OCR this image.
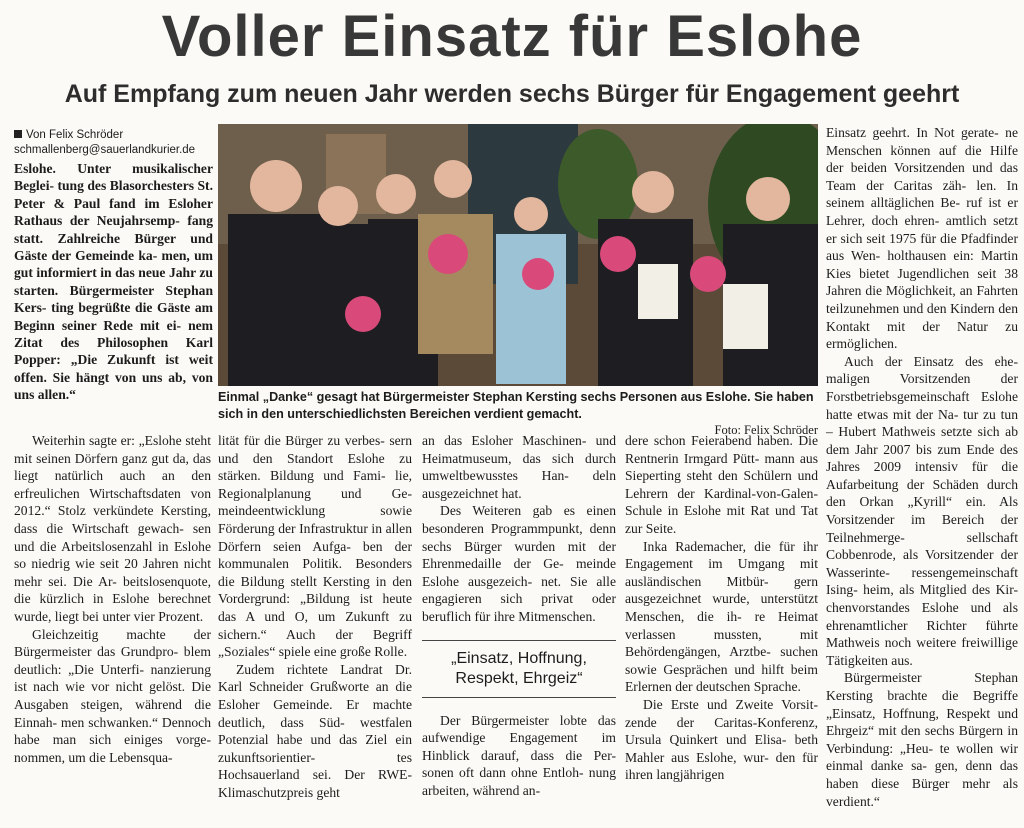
Voller Einsatz für Eslohe
Auf Empfang zum neuen Jahr werden sechs Bürger für Engagement geehrt
Von Felix Schröder
schmallenberg@sauerlandkurier.de

Eslohe. Unter musikalischer Beglei- tung des Blasorchesters St. Peter & Paul fand im Esloher Rathaus der Neujahrsemp- fang statt. Zahlreiche Bürger und Gäste der Gemeinde ka- men, um gut informiert in das neue Jahr zu starten. Bürgermeister Stephan Kers- ting begrüßte die Gäste am Beginn seiner Rede mit ei- nem Zitat des Philosophen Karl Popper: „Die Zukunft ist weit offen. Sie hängt von uns ab, von uns allen.“	Einmal „Danke“ gesagt hat Bürgermeister Stephan Kersting sechs Personen aus Eslohe. Sie haben sich in den unterschiedlichsten Bereichen verdient gemacht.
Foto: Felix Schröder

Weiterhin sagte er: „Eslohe steht mit seinen Dörfern ganz gut da, das liegt natürlich auch an den erfreulichen Wirtschaftsdaten von 2012.“ Stolz verkündete Kersting, dass die Wirtschaft gewach- sen und die Arbeitslosenzahl in Eslohe so niedrig wie seit 20 Jahren nicht mehr sei. Die Ar- beitslosenquote, die kürzlich in Eslohe berechnet wurde, liegt bei unter vier Prozent.

Gleichzeitig machte der Bürgermeister das Grundpro- blem deutlich: „Die Unterfi- nanzierung ist nach wie vor nicht gelöst. Die Ausgaben steigen, während die Einnah- men schwanken.“ Dennoch habe man sich einiges vorge- nommen, um die Lebensqua-

lität für die Bürger zu verbes- sern und den Standort Eslohe zu stärken. Bildung und Fami- lie, Regionalplanung und Ge- meindeentwicklung sowie Förderung der Infrastruktur in allen Dörfern seien Aufga- ben der kommunalen Politik. Besonders die Bildung stellt Kersting in den Vordergrund: „Bildung ist heute das A und O, um Zukunft zu sichern.“ Auch der Begriff „Soziales“ spiele eine große Rolle.

Zudem richtete Landrat Dr. Karl Schneider Grußworte an die Esloher Gemeinde. Er machte deutlich, dass Süd- westfalen Potenzial habe und das Ziel ein zukunftsorientier- tes Hochsauerland sei. Der RWE-Klimaschutzpreis geht

an das Esloher Maschinen- und Heimatmuseum, das sich durch umweltbewusstes Han- deln ausgezeichnet hat.

Des Weiteren gab es einen besonderen Programmpunkt, denn sechs Bürger wurden mit der Ehrenmedaille der Ge- meinde Eslohe ausgezeich- net. Sie alle engagieren sich privat oder beruflich für ihre Mitmenschen.

„Einsatz, Hoffnung, Respekt, Ehrgeiz“

Der Bürgermeister lobte das aufwendige Engagement im Hinblick darauf, dass die Per- sonen oft dann ohne Entloh- nung arbeiten, während an-

dere schon Feierabend haben. Die Rentnerin Irmgard Pütt- mann aus Sieperting steht den Schülern und Lehrern der Kardinal-von-Galen-Schule in Eslohe mit Rat und Tat zur Seite.

Inka Rademacher, die für ihr Engagement im Umgang mit ausländischen Mitbür- gern ausgezeichnet wurde, unterstützt Menschen, die ih- re Heimat verlassen mussten, mit Behördengängen, Arztbe- suchen sowie Gesprächen und hilft beim Erlernen der deutschen Sprache.

Die Erste und Zweite Vorsit- zende der Caritas-Konferenz, Ursula Quinkert und Elisa- beth Mahler aus Eslohe, wur- den für ihren langjährigen

Einsatz geehrt. In Not gerate- ne Menschen können auf die Hilfe der beiden Vorsitzenden und das Team der Caritas zäh- len. In seinem alltäglichen Be- ruf ist er Lehrer, doch ehren- amtlich setzt er sich seit 1975 für die Pfadfinder aus Wen- holthausen ein: Martin Kies bietet Jugendlichen seit 38 Jahren die Möglichkeit, an Fahrten teilzunehmen und den Kindern den Kontakt mit der Natur zu ermöglichen.

Auch der Einsatz des ehe- maligen Vorsitzenden der Forstbetriebsgemeinschaft Eslohe hatte etwas mit der Na- tur zu tun – Hubert Mathweis setzte sich ab dem Jahr 2007 bis zum Ende des Jahres 2009 intensiv für die Aufarbeitung der Schäden durch den Orkan „Kyrill“ ein. Als Vorsitzender im Bereich der Teilnehmerge- sellschaft Cobbenrode, als Vorsitzender der Wasserinte- ressengemeinschaft Ising- heim, als Mitglied des Kir- chenvorstandes Eslohe und als ehrenamtlicher Richter führte Mathweis noch weitere freiwillige Tätigkeiten aus.

Bürgermeister Stephan Kersting brachte die Begriffe „Einsatz, Hoffnung, Respekt und Ehrgeiz“ mit den sechs Bürgern in Verbindung: „Heu- te wollen wir einmal danke sa- gen, denn das haben diese Bürger mehr als verdient.“
